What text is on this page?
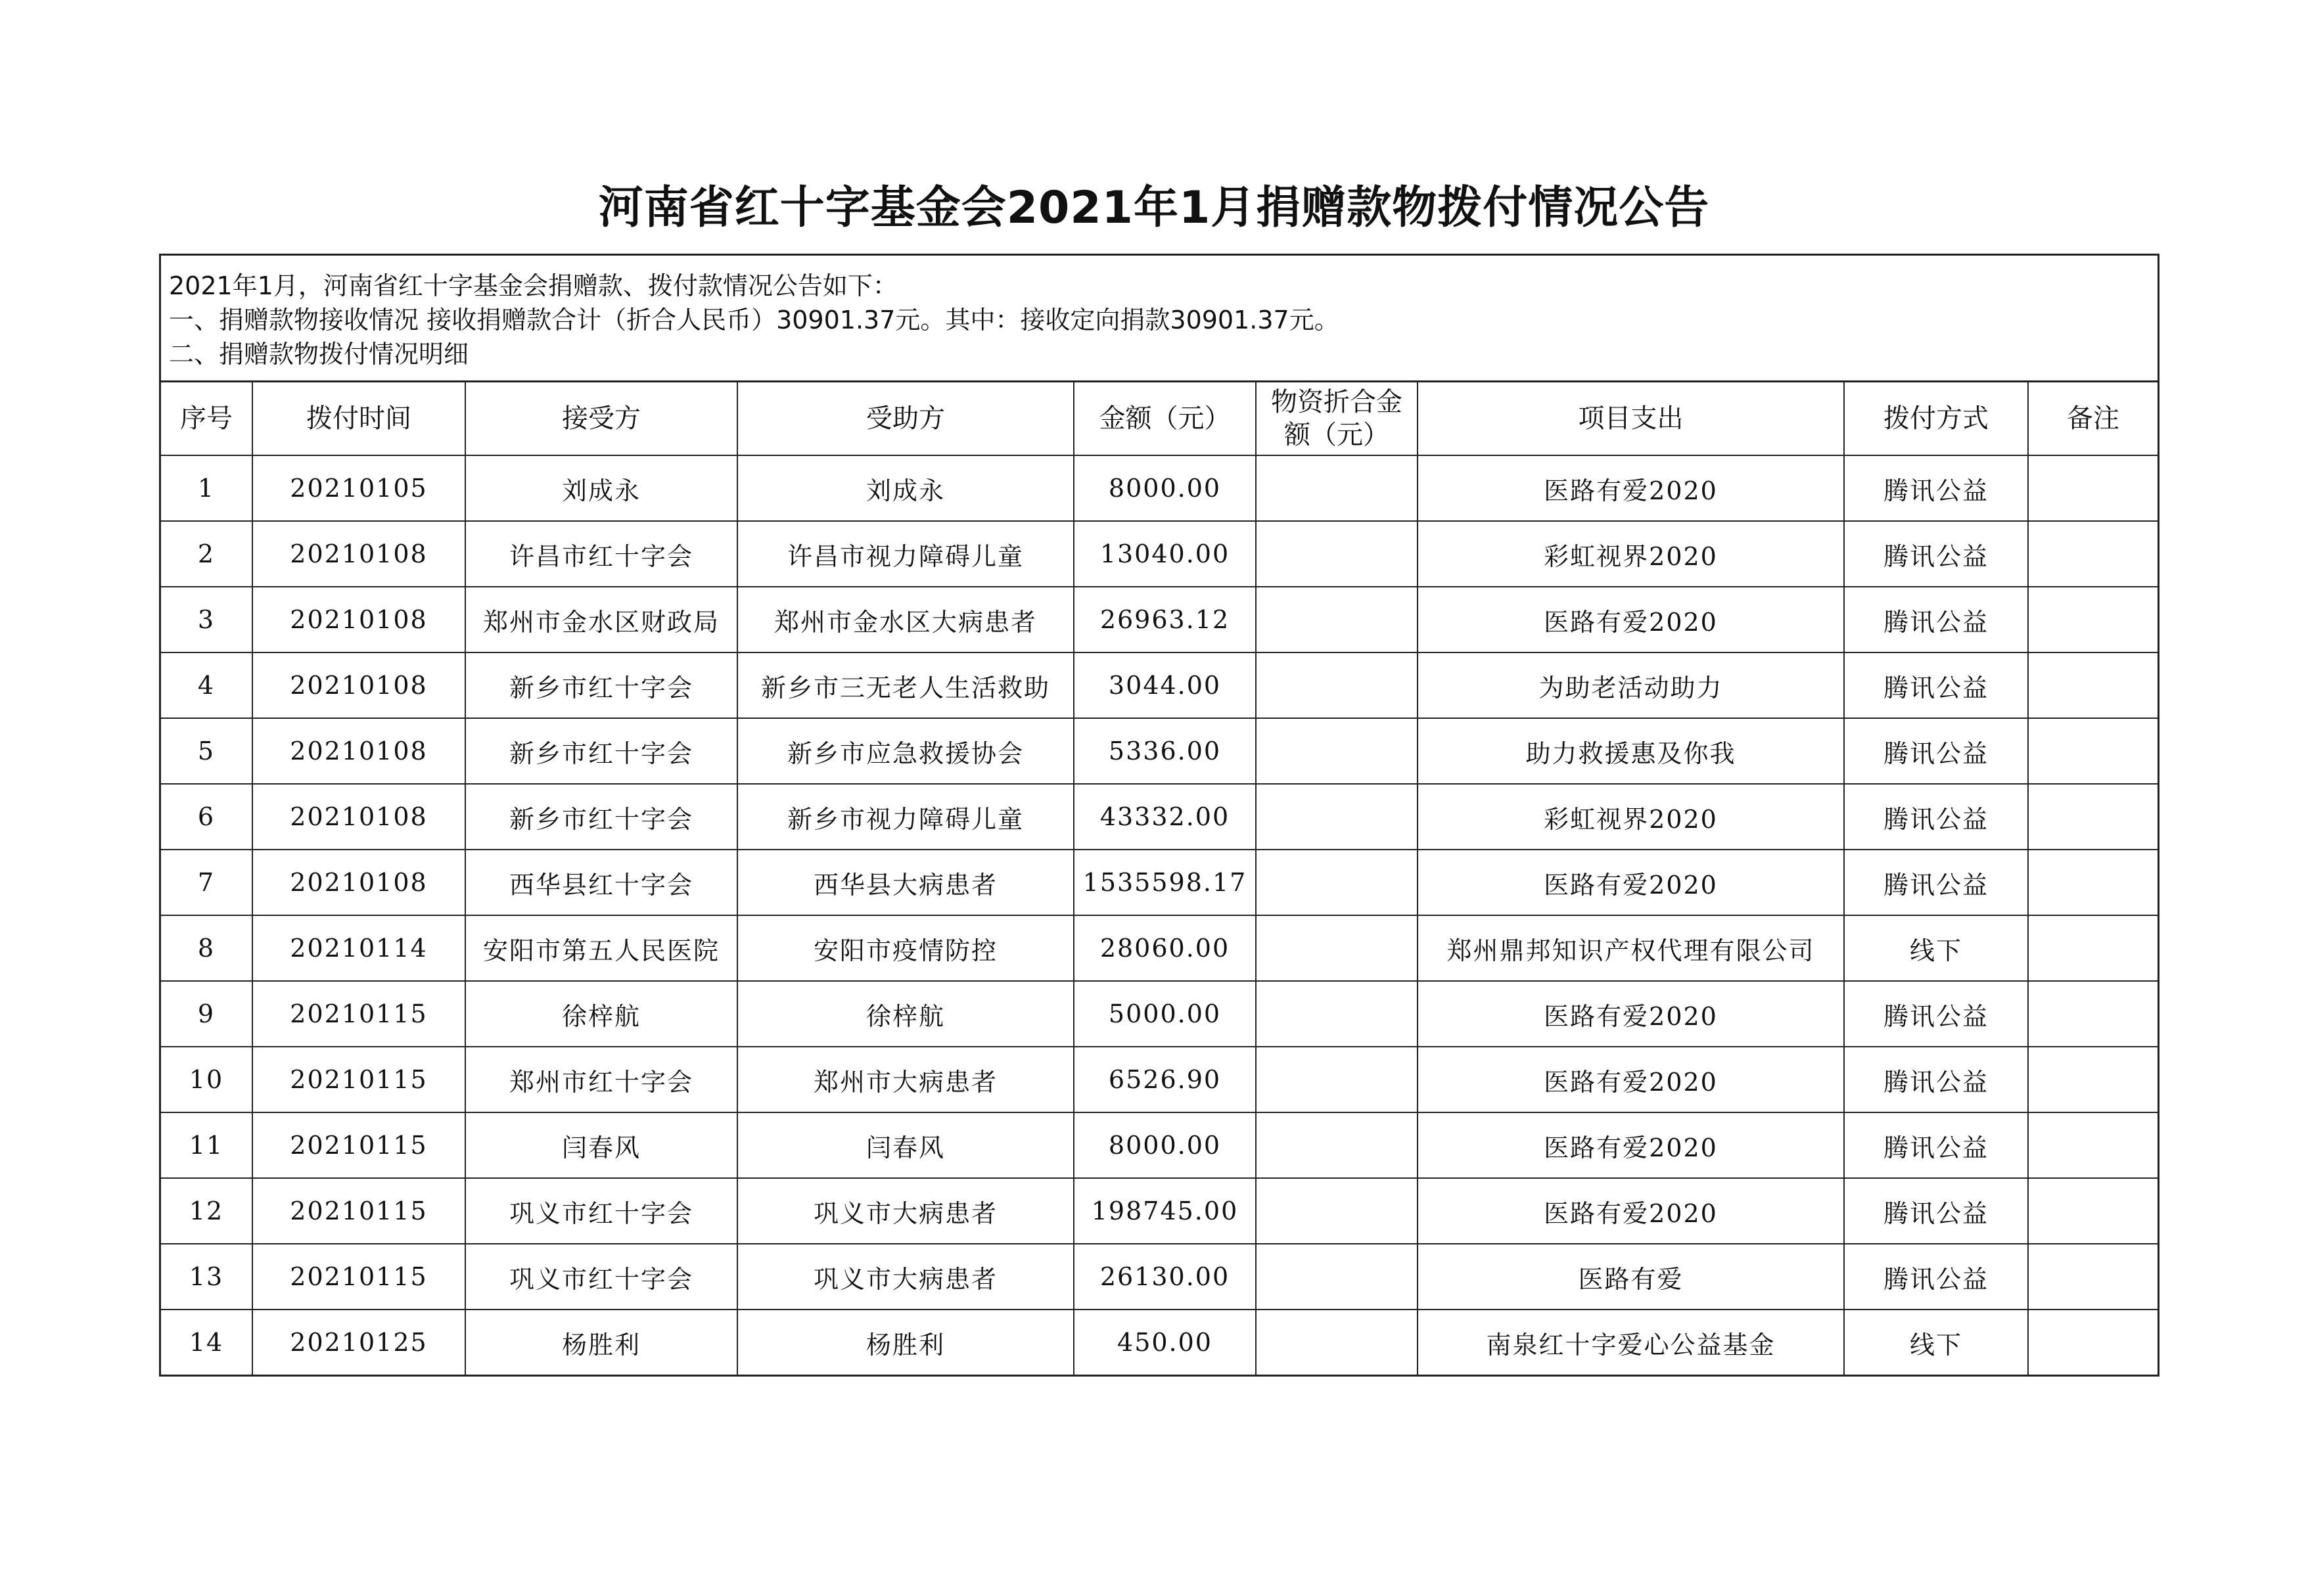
河南省红十字基金会2021年1月捐赠款物拨付情况公告
2021年1月，河南省红十字基金会捐赠款、拨付款情况公告如下：
一、捐赠款物接收情况 接收捐赠款合计（折合人民币）30901.37元。其中：接收定向捐款30901.37元。
二、捐赠款物拨付情况明细
序号	拨付时间	接受方	受助方	金额（元）	物资折合金额（元）	项目支出	拨付方式	备注
1	20210105	刘成永	刘成永	8000.00		医路有爱2020	腾讯公益	
2	20210108	许昌市红十字会	许昌市视力障碍儿童	13040.00		彩虹视界2020	腾讯公益	
3	20210108	郑州市金水区财政局	郑州市金水区大病患者	26963.12		医路有爱2020	腾讯公益	
4	20210108	新乡市红十字会	新乡市三无老人生活救助	3044.00		为助老活动助力	腾讯公益	
5	20210108	新乡市红十字会	新乡市应急救援协会	5336.00		助力救援惠及你我	腾讯公益	
6	20210108	新乡市红十字会	新乡市视力障碍儿童	43332.00		彩虹视界2020	腾讯公益	
7	20210108	西华县红十字会	西华县大病患者	1535598.17		医路有爱2020	腾讯公益	
8	20210114	安阳市第五人民医院	安阳市疫情防控	28060.00		郑州鼎邦知识产权代理有限公司	线下	
9	20210115	徐梓航	徐梓航	5000.00		医路有爱2020	腾讯公益	
10	20210115	郑州市红十字会	郑州市大病患者	6526.90		医路有爱2020	腾讯公益	
11	20210115	闫春风	闫春风	8000.00		医路有爱2020	腾讯公益	
12	20210115	巩义市红十字会	巩义市大病患者	198745.00		医路有爱2020	腾讯公益	
13	20210115	巩义市红十字会	巩义市大病患者	26130.00		医路有爱	腾讯公益	
14	20210125	杨胜利	杨胜利	450.00		南泉红十字爱心公益基金	线下	
